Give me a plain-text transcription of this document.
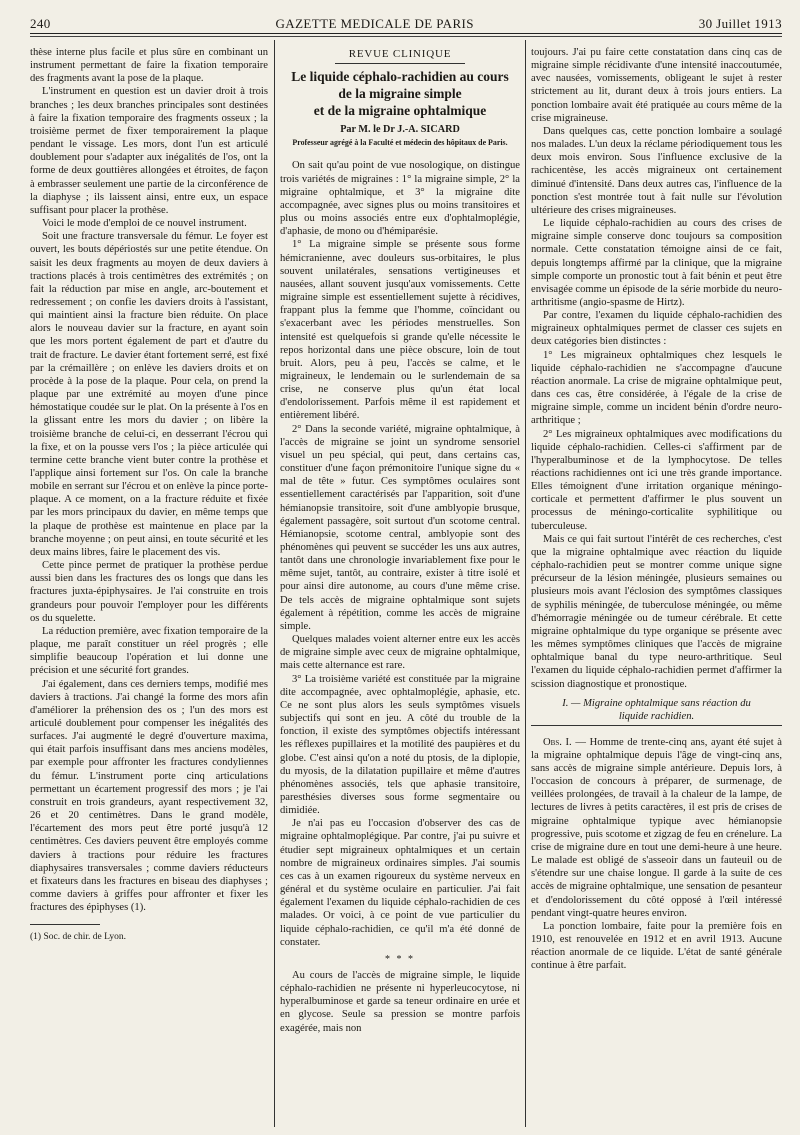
240	GAZETTE MEDICALE DE PARIS	30 Juillet 1913

thèse interne plus facile et plus sûre en combinant un instrument permettant de faire la fixation temporaire des fragments avant la pose de la plaque.

L'instrument en question est un davier droit à trois branches ; les deux branches principales sont destinées à faire la fixation temporaire des fragments osseux ; la troisième permet de fixer temporairement la plaque pendant le vissage. Les mors, dont l'un est articulé doublement pour s'adapter aux inégalités de l'os, ont la forme de deux gouttières allongées et étroites, de façon à embrasser seulement une partie de la circonférence de la diaphyse ; ils laissent ainsi, entre eux, un espace suffisant pour placer la prothèse.

Voici le mode d'emploi de ce nouvel instrument.

Soit une fracture transversale du fémur. Le foyer est ouvert, les bouts dépériostés sur une petite étendue. On saisit les deux fragments au moyen de deux daviers à tractions placés à trois centimètres des extrémités ; on fait la réduction par mise en angle, arc-boutement et redressement ; on confie les daviers droits à l'assistant, qui maintient ainsi la fracture bien réduite. On place alors le nouveau davier sur la fracture, en ayant soin que les mors portent également de part et d'autre du trait de fracture. Le davier étant fortement serré, est fixé par la crémaillère ; on enlève les daviers droits et on procède à la pose de la plaque. Pour cela, on prend la plaque par une extrémité au moyen d'une pince hémostatique coudée sur le plat. On la présente à l'os en la glissant entre les mors du davier ; on libère la troisième branche de celui-ci, en desserrant l'écrou qui la fixe, et on la pousse vers l'os ; la pièce articulée qui termine cette branche vient buter contre la prothèse et l'applique ainsi fortement sur l'os. On cale la branche mobile en serrant sur l'écrou et on enlève la pince porte-plaque. A ce moment, on a la fracture réduite et fixée par les mors principaux du davier, en même temps que la plaque de prothèse est maintenue en place par la branche moyenne ; on peut ainsi, en toute sécurité et les deux mains libres, faire le placement des vis.

Cette pince permet de pratiquer la prothèse perdue aussi bien dans les fractures des os longs que dans les fractures juxta-épiphysaires. Je l'ai construite en trois grandeurs pour pouvoir l'employer pour les différents os du squelette.

La réduction première, avec fixation temporaire de la plaque, me paraît constituer un réel progrès ; elle simplifie beaucoup l'opération et lui donne une précision et une sécurité fort grandes.

J'ai également, dans ces derniers temps, modifié mes daviers à tractions. J'ai changé la forme des mors afin d'améliorer la préhension des os ; l'un des mors est articulé doublement pour compenser les inégalités des surfaces. J'ai augmenté le degré d'ouverture maxima, qui était parfois insuffisant dans mes anciens modèles, par exemple pour affronter les fractures condyliennes du fémur. L'instrument porte cinq articulations permettant un écartement progressif des mors ; je l'ai construit en trois grandeurs, ayant respectivement 32, 26 et 20 centimètres. Dans le grand modèle, l'écartement des mors peut être porté jusqu'à 12 centimètres. Ces daviers peuvent être employés comme daviers à tractions pour réduire les fractures diaphysaires transversales ; comme daviers réducteurs et fixateurs dans les fractures en biseau des diaphyses ; comme daviers à griffes pour affronter et fixer les fractures des épiphyses (1).

(1) Soc. de chir. de Lyon.

REVUE CLINIQUE
Le liquide céphalo-rachidien au cours
de la migraine simple
et de la migraine ophtalmique
Par M. le Dr J.-A. SICARD
Professeur agrégé à la Faculté et médecin des hôpitaux de Paris.

On sait qu'au point de vue nosologique, on distingue trois variétés de migraines : 1° la migraine simple, 2° la migraine ophtalmique, et 3° la migraine dite accompagnée, avec signes plus ou moins transitoires et plus ou moins associés entre eux d'ophtalmoplégie, d'aphasie, de mono ou d'hémiparésie.

1° La migraine simple se présente sous forme hémicranienne, avec douleurs sus-orbitaires, le plus souvent unilatérales, sensations vertigineuses et nausées, allant souvent jusqu'aux vomissements. Cette migraine simple est essentiellement sujette à récidives, frappant plus la femme que l'homme, coïncidant ou s'exacerbant avec les périodes menstruelles. Son intensité est quelquefois si grande qu'elle nécessite le repos horizontal dans une pièce obscure, loin de tout bruit. Alors, peu à peu, l'accès se calme, et le migraineux, le lendemain ou le surlendemain de sa crise, ne conserve plus qu'un état local d'endolorissement. Parfois même il est rapidement et entièrement libéré.

2° Dans la seconde variété, migraine ophtalmique, à l'accès de migraine se joint un syndrome sensoriel visuel un peu spécial, qui peut, dans certains cas, constituer d'une façon prémonitoire l'unique signe du « mal de tête » futur. Ces symptômes oculaires sont essentiellement caractérisés par l'apparition, soit d'une hémianopsie transitoire, soit d'une amblyopie brusque, également passagère, soit surtout d'un scotome central. Hémianopsie, scotome central, amblyopie sont des phénomènes qui peuvent se succéder les uns aux autres, tantôt dans une chronologie invariablement fixe pour le même sujet, tantôt, au contraire, exister à titre isolé et pour ainsi dire autonome, au cours d'une même crise. De tels accès de migraine ophtalmique sont sujets également à répétition, comme les accès de migraine simple.

Quelques malades voient alterner entre eux les accès de migraine simple avec ceux de migraine ophtalmique, mais cette alternance est rare.

3° La troisième variété est constituée par la migraine dite accompagnée, avec ophtalmoplégie, aphasie, etc. Ce ne sont plus alors les seuls symptômes visuels subjectifs qui sont en jeu. A côté du trouble de la fonction, il existe des symptômes objectifs intéressant les réflexes pupillaires et la motilité des paupières et du globe. C'est ainsi qu'on a noté du ptosis, de la diplopie, du myosis, de la dilatation pupillaire et même d'autres phénomènes associés, tels que aphasie transitoire, paresthésies diverses sous forme segmentaire ou dimidiée.

Je n'ai pas eu l'occasion d'observer des cas de migraine ophtalmoplégique. Par contre, j'ai pu suivre et étudier sept migraineux ophtalmiques et un certain nombre de migraineux ordinaires simples. J'ai soumis ces cas à un examen rigoureux du système nerveux en général et du système oculaire en particulier. J'ai fait également l'examen du liquide céphalo-rachidien de ces malades. Or voici, à ce point de vue particulier du liquide céphalo-rachidien, ce qu'il m'a été donné de constater.

* * *

Au cours de l'accès de migraine simple, le liquide céphalo-rachidien ne présente ni hyperleucocytose, ni hyperalbuminose et garde sa teneur ordinaire en urée et en glycose. Seule sa pression se montre parfois exagérée, mais non

toujours. J'ai pu faire cette constatation dans cinq cas de migraine simple récidivante d'une intensité inaccoutumée, avec nausées, vomissements, obligeant le sujet à rester strictement au lit, durant deux à trois jours entiers. La ponction lombaire avait été pratiquée au cours même de la crise migraineuse.

Dans quelques cas, cette ponction lombaire a soulagé nos malades. L'un deux la réclame périodiquement tous les deux mois environ. Sous l'influence exclusive de la rachicentèse, les accès migraineux ont certainement diminué d'intensité. Dans deux autres cas, l'influence de la ponction s'est montrée tout à fait nulle sur l'évolution ultérieure des crises migraineuses.

Le liquide céphalo-rachidien au cours des crises de migraine simple conserve donc toujours sa composition normale. Cette constatation témoigne ainsi de ce fait, depuis longtemps affirmé par la clinique, que la migraine simple comporte un pronostic tout à fait bénin et peut être envisagée comme un épisode de la série morbide du neuro-arthritisme (angio-spasme de Hirtz).

Par contre, l'examen du liquide céphalo-rachidien des migraineux ophtalmiques permet de classer ces sujets en deux catégories bien distinctes :

1° Les migraineux ophtalmiques chez lesquels le liquide céphalo-rachidien ne s'accompagne d'aucune réaction anormale. La crise de migraine ophtalmique peut, dans ces cas, être considérée, à l'égale de la crise de migraine simple, comme un incident bénin d'ordre neuro-arthritique ;

2° Les migraineux ophtalmiques avec modifications du liquide céphalo-rachidien. Celles-ci s'affirment par de l'hyperalbuminose et de la lymphocytose. De telles réactions rachidiennes ont ici une très grande importance. Elles témoignent d'une irritation organique méningo-corticale et permettent d'affirmer le plus souvent un processus de méningo-corticalite syphilitique ou tuberculeuse.

Mais ce qui fait surtout l'intérêt de ces recherches, c'est que la migraine ophtalmique avec réaction du liquide céphalo-rachidien peut se montrer comme unique signe précurseur de la lésion méningée, plusieurs semaines ou plusieurs mois avant l'éclosion des symptômes classiques de syphilis méningée, de tuberculose méningée, ou même d'hémorragie méningée ou de tumeur cérébrale. Et cette migraine ophtalmique du type organique se présente avec les mêmes symptômes cliniques que l'accès de migraine ophtalmique banal du type neuro-arthritique. Seul l'examen du liquide céphalo-rachidien permet d'affirmer la scission diagnostique et pronostique.

I. — Migraine ophtalmique sans réaction du
liquide rachidien.

Obs. I. — Homme de trente-cinq ans, ayant été sujet à la migraine ophtalmique depuis l'âge de vingt-cinq ans, sans accès de migraine simple antérieure. Depuis lors, à l'occasion de concours à préparer, de surmenage, de veillées prolongées, de travail à la chaleur de la lampe, de lectures de livres à petits caractères, il est pris de crises de migraine ophtalmique typique avec hémianopsie progressive, puis scotome et zigzag de feu en crénelure. La crise de migraine dure en tout une demi-heure à une heure. Le malade est obligé de s'asseoir dans un fauteuil ou de s'étendre sur une chaise longue. Il garde à la suite de ces accès de migraine ophtalmique, une sensation de pesanteur et d'endolorissement du côté opposé à l'œil intéressé pendant vingt-quatre heures environ.

La ponction lombaire, faite pour la première fois en 1910, est renouvelée en 1912 et en avril 1913. Aucune réaction anormale de ce liquide. L'état de santé générale continue à être parfait.
